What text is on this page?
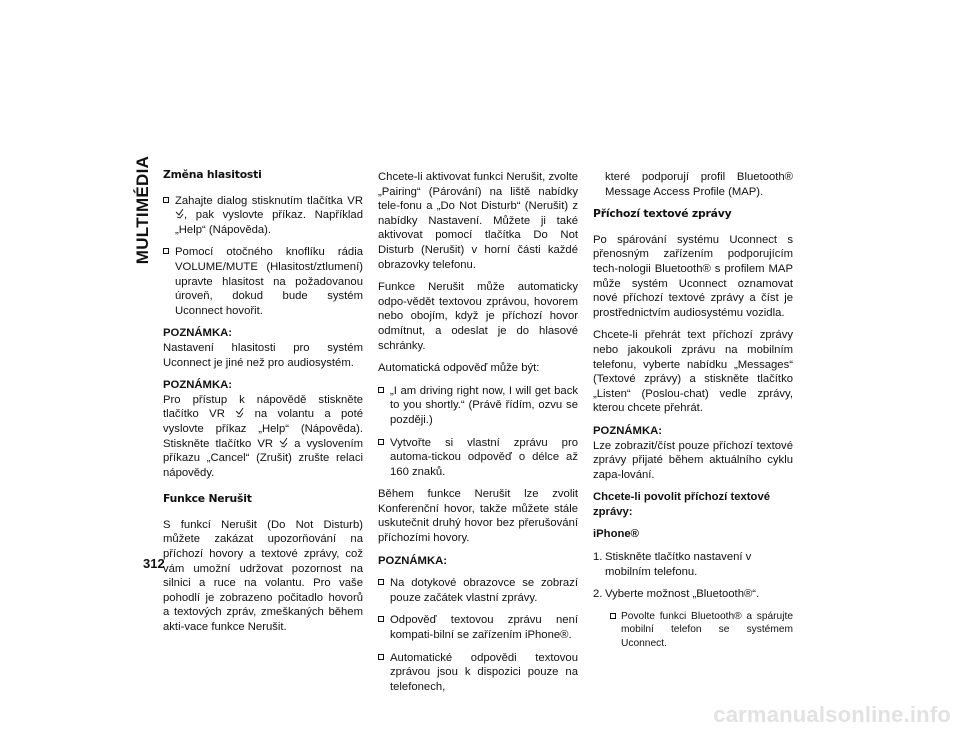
MULTIMÉDIA
312
Změna hlasitosti
Zahajte dialog stisknutím tlačítka VR , pak vyslovte příkaz. Například „Help“ (Nápověda).
Pomocí otočného knoflíku rádia VOLUME/MUTE (Hlasitost/ztlumení) upravte hlasitost na požadovanou úroveň, dokud bude systém Uconnect hovořit.
POZNÁMKA:
Nastavení hlasitosti pro systém Uconnect je jiné než pro audiosystém.
POZNÁMKA:
Pro přístup k nápovědě stiskněte tlačítko VR	na volantu a poté vyslovte příkaz „Help“ (Nápověda). Stiskněte tlačítko VR a vyslovením příkazu „Cancel“ (Zrušit) zrušte relaci nápovědy.
Funkce Nerušit
S funkcí Nerušit (Do Not Disturb) můžete zakázat upozorňování na příchozí hovory a textové zprávy, což vám umožní udržovat pozornost na silnici a ruce na volantu. Pro vaše pohodlí je zobrazeno počitadlo hovorů a textových zpráv, zmeškaných během akti-vace funkce Nerušit.
Chcete-li aktivovat funkci Nerušit, zvolte „Pairing“ (Párování) na liště nabídky tele-fonu a „Do Not Disturb“ (Nerušit) z nabídky Nastavení. Můžete ji také aktivovat pomocí tlačítka Do Not Disturb (Nerušit) v horní části každé obrazovky telefonu.
Funkce Nerušit může automaticky odpo-vědět textovou zprávou, hovorem nebo obojím, když je příchozí hovor odmítnut, a odeslat je do hlasové schránky.
Automatická odpověď může být:
„I am driving right now, I will get back to you shortly.“ (Právě řídím, ozvu se později.)
Vytvořte si vlastní zprávu pro automa-tickou odpověď o délce až 160 znaků.
Během funkce Nerušit lze zvolit Konferenční hovor, takže můžete stále uskutečnit druhý hovor bez přerušování příchozími hovory.
POZNÁMKA:
Na dotykové obrazovce se zobrazí pouze začátek vlastní zprávy.
Odpověď textovou zprávu není kompati-bilní se zařízením iPhone®.
Automatické odpovědi textovou zprávou jsou k dispozici pouze na telefonech,
které podporují profil Bluetooth® Message Access Profile (MAP).
Příchozí textové zprávy
Po spárování systému Uconnect s přenosným zařízením podporujícím tech-nologii Bluetooth® s profilem MAP může systém Uconnect oznamovat nové příchozí textové zprávy a číst je prostřednictvím audiosystému vozidla.
Chcete-li přehrát text příchozí zprávy nebo jakoukoli zprávu na mobilním telefonu, vyberte nabídku „Messages“ (Textové zprávy) a stiskněte tlačítko „Listen“ (Poslou-chat) vedle zprávy, kterou chcete přehrát.
POZNÁMKA:
Lze zobrazit/číst pouze příchozí textové zprávy přijaté během aktuálního cyklu zapa-lování.
Chcete-li povolit příchozí textové zprávy:
iPhone®
1. Stiskněte tlačítko nastavení v mobilním telefonu.
2. Vyberte možnost „Bluetooth®“.
Povolte funkci Bluetooth® a spárujte mobilní telefon se systémem Uconnect.
carmanualsonline.info
